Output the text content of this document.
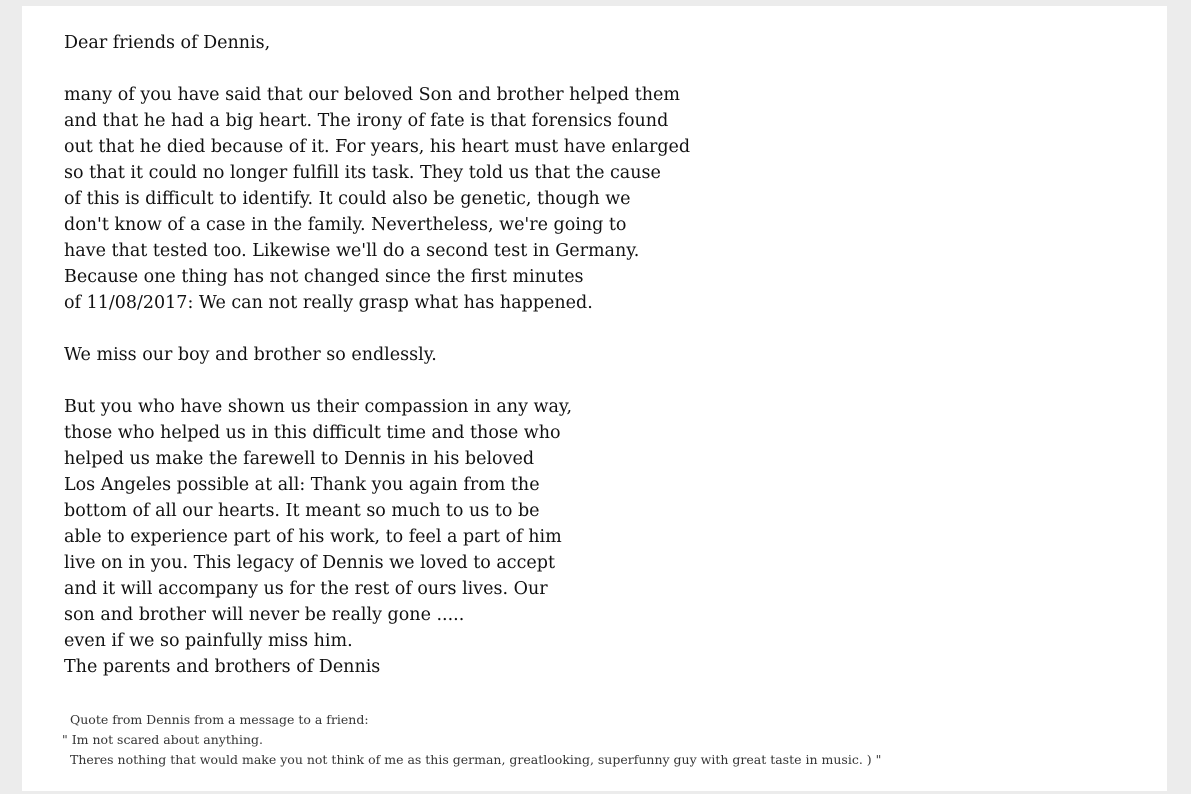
Dear friends of Dennis,
many of you have said that our beloved Son and brother helped them
and that he had a big heart. The irony of fate is that forensics found
out that he died because of it. For years, his heart must have enlarged
so that it could no longer fulfill its task. They told us that the cause
of this is difficult to identify. It could also be genetic, though we
don't know of a case in the family. Nevertheless, we're going to
have that tested too. Likewise we'll do a second test in Germany.
Because one thing has not changed since the first minutes
of 11/08/2017: We can not really grasp what has happened.
We miss our boy and brother so endlessly.
But you who have shown us their compassion in any way,
those who helped us in this difficult time and those who
helped us make the farewell to Dennis in his beloved
Los Angeles possible at all: Thank you again from the
bottom of all our hearts. It meant so much to us to be
able to experience part of his work, to feel a part of him
live on in you. This legacy of Dennis we loved to accept
and it will accompany us for the rest of ours lives. Our
son and brother will never be really gone .....
even if we so painfully miss him.
The parents and brothers of Dennis
Quote from Dennis from a message to a friend:
" Im not scared about anything.
Theres nothing that would make you not think of me as this german, greatlooking, superfunny guy with great taste in music. ) "
